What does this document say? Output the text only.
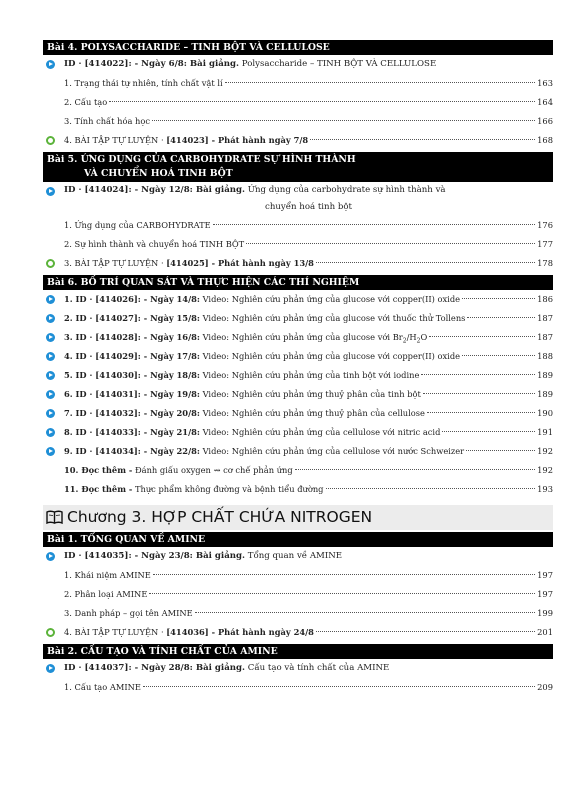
Bài 4. POLYSACCHARIDE – TINH BỘT VÀ CELLULOSE
ID · [414022]: - Ngày 6/8: Bài giảng. Polysaccharide – TINH BỘT VÀ CELLULOSE
1. Trạng thái tự nhiên, tính chất vật lí	163
2. Cấu tạo	164
3. Tính chất hóa học	166
4. BÀI TẬP TỰ LUYỆN · [414023] - Phát hành ngày 7/8	168
Bài 5. ỨNG DỤNG CỦA CARBOHYDRATE SỰ HÌNH THÀNH
VÀ CHUYỂN HOÁ TINH BỘT
ID · [414024]: - Ngày 12/8: Bài giảng. Ứng dụng của carbohydrate sự hình thành và
chuyển hoá tinh bột
1. Ứng dụng của CARBOHYDRATE	176
2. Sự hình thành và chuyển hoá TINH BỘT	177
3. BÀI TẬP TỰ LUYỆN · [414025] - Phát hành ngày 13/8	178
Bài 6. BỐ TRÍ QUAN SÁT VÀ THỰC HIỆN CÁC THÍ NGHIỆM
1. ID · [414026]: - Ngày 14/8: Video: Nghiên cứu phản ứng của glucose với copper(II) oxide	186
2. ID · [414027]: - Ngày 15/8: Video: Nghiên cứu phản ứng của glucose với thuốc thử Tollens	187
3. ID · [414028]: - Ngày 16/8: Video: Nghiên cứu phản ứng của glucose với $Br_2/H_2O$	187
4. ID · [414029]: - Ngày 17/8: Video: Nghiên cứu phản ứng của glucose với copper(II) oxide	188
5. ID · [414030]: - Ngày 18/8: Video: Nghiên cứu phản ứng của tinh bột với iodine	189
6. ID · [414031]: - Ngày 19/8: Video: Nghiên cứu phản ứng thuỷ phân của tinh bột	189
7. ID · [414032]: - Ngày 20/8: Video: Nghiên cứu phản ứng thuỷ phân của cellulose	190
8. ID · [414033]: - Ngày 21/8: Video: Nghiên cứu phản ứng của cellulose với nitric acid	191
9. ID · [414034]: - Ngày 22/8: Video: Nghiên cứu phản ứng của cellulose với nước Schweizer	192
10. Đọc thêm - Đánh giấu oxygen ⇝ cơ chế phản ứng	192
11. Đọc thêm - Thực phẩm không đường và bệnh tiểu đường	193
Chương 3. HỢP CHẤT CHỨA NITROGEN
Bài 1. TỔNG QUAN VỀ AMINE
ID · [414035]: - Ngày 23/8: Bài giảng. Tổng quan về AMINE
1. Khái niệm AMINE	197
2. Phân loại AMINE	197
3. Danh pháp – gọi tên AMINE	199
4. BÀI TẬP TỰ LUYỆN · [414036] - Phát hành ngày 24/8	201
Bài 2. CẤU TẠO VÀ TÍNH CHẤT CỦA AMINE
ID · [414037]: - Ngày 28/8: Bài giảng. Cấu tạo và tính chất của AMINE
1. Cấu tạo AMINE	209
